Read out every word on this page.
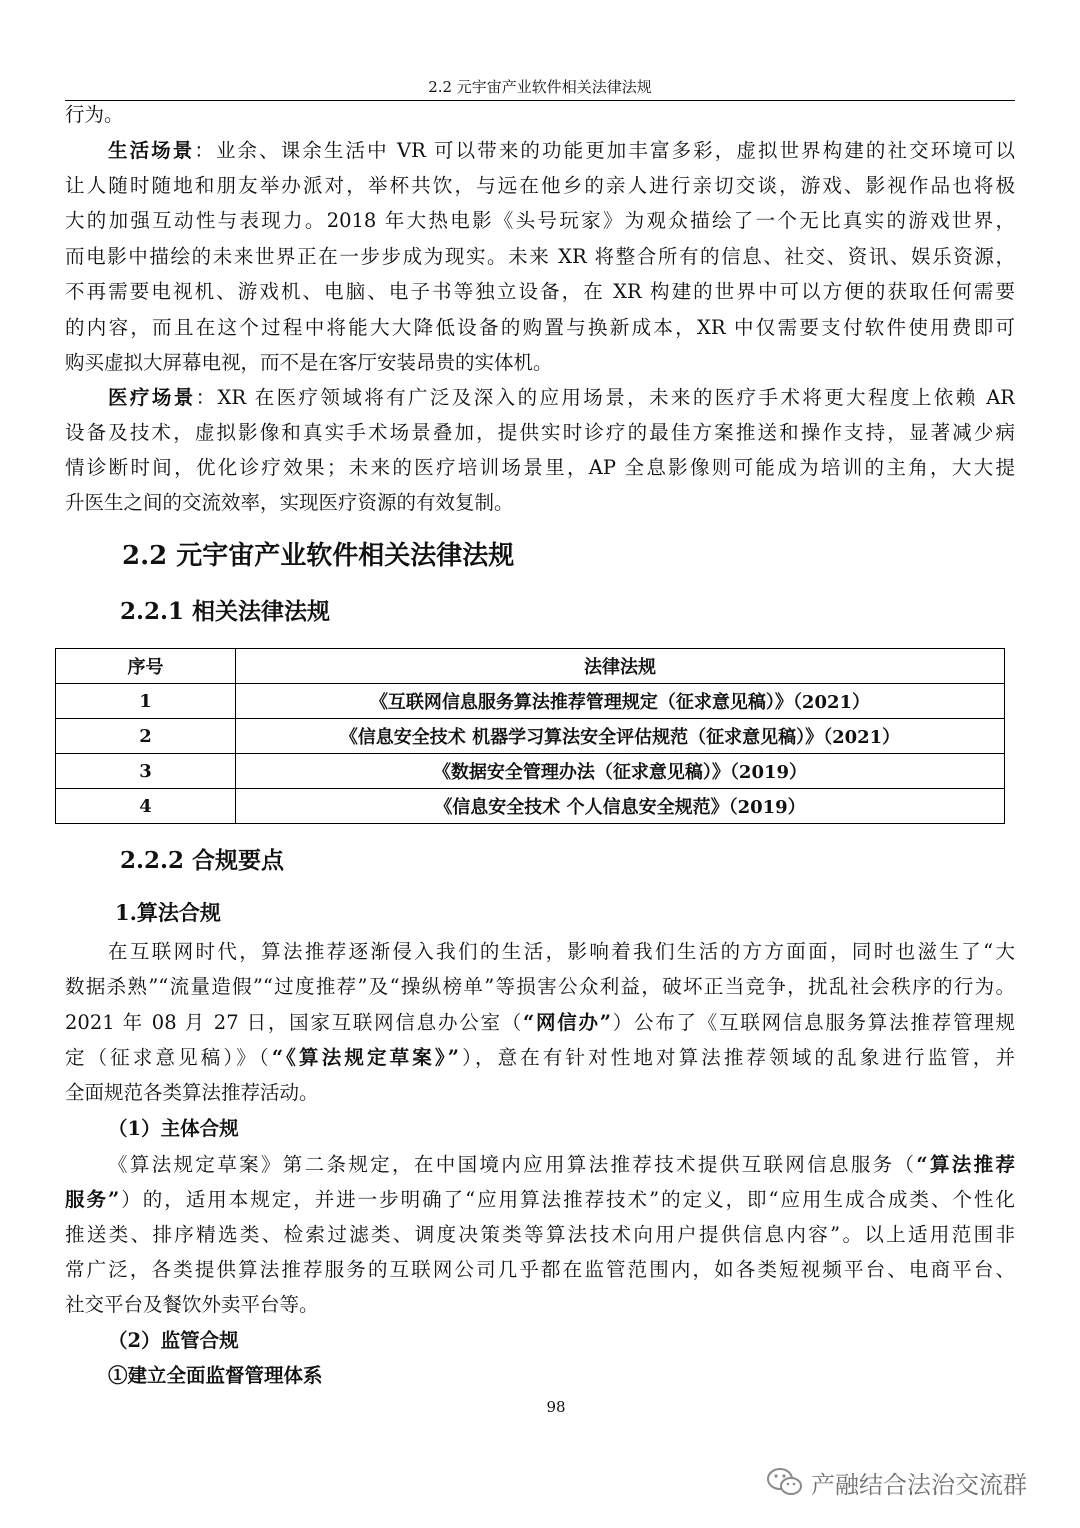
2.2 元宇宙产业软件相关法律法规
行为。
生活场景：业余、课余生活中 VR 可以带来的功能更加丰富多彩，虚拟世界构建的社交环境可以
让人随时随地和朋友举办派对，举杯共饮，与远在他乡的亲人进行亲切交谈，游戏、影视作品也将极
大的加强互动性与表现力。2018 年大热电影《头号玩家》为观众描绘了一个无比真实的游戏世界，
而电影中描绘的未来世界正在一步步成为现实。未来 XR 将整合所有的信息、社交、资讯、娱乐资源，
不再需要电视机、游戏机、电脑、电子书等独立设备，在 XR 构建的世界中可以方便的获取任何需要
的内容，而且在这个过程中将能大大降低设备的购置与换新成本，XR 中仅需要支付软件使用费即可
购买虚拟大屏幕电视，而不是在客厅安装昂贵的实体机。
医疗场景：XR 在医疗领域将有广泛及深入的应用场景，未来的医疗手术将更大程度上依赖 AR
设备及技术，虚拟影像和真实手术场景叠加，提供实时诊疗的最佳方案推送和操作支持，显著减少病
情诊断时间，优化诊疗效果；未来的医疗培训场景里，AP 全息影像则可能成为培训的主角，大大提
升医生之间的交流效率，实现医疗资源的有效复制。
2.2 元宇宙产业软件相关法律法规
2.2.1 相关法律法规
序号	法律法规
1	《互联网信息服务算法推荐管理规定（征求意见稿）》（2021）
2	《信息安全技术 机器学习算法安全评估规范（征求意见稿）》（2021）
3	《数据安全管理办法（征求意见稿）》（2019）
4	《信息安全技术 个人信息安全规范》（2019）
2.2.2 合规要点
1.算法合规
在互联网时代，算法推荐逐渐侵入我们的生活，影响着我们生活的方方面面，同时也滋生了“大
数据杀熟”“流量造假”“过度推荐”及“操纵榜单”等损害公众利益，破坏正当竞争，扰乱社会秩序的行为。
2021 年 08 月 27 日，国家互联网信息办公室（“网信办”）公布了《互联网信息服务算法推荐管理规
定（征求意见稿）》（“《算法规定草案》”），意在有针对性地对算法推荐领域的乱象进行监管，并
全面规范各类算法推荐活动。
（1）主体合规
《算法规定草案》第二条规定，在中国境内应用算法推荐技术提供互联网信息服务（“算法推荐
服务”）的，适用本规定，并进一步明确了“应用算法推荐技术”的定义，即“应用生成合成类、个性化
推送类、排序精选类、检索过滤类、调度决策类等算法技术向用户提供信息内容”。以上适用范围非
常广泛，各类提供算法推荐服务的互联网公司几乎都在监管范围内，如各类短视频平台、电商平台、
社交平台及餐饮外卖平台等。
（2）监管合规
①建立全面监督管理体系
98
产融结合法治交流群
